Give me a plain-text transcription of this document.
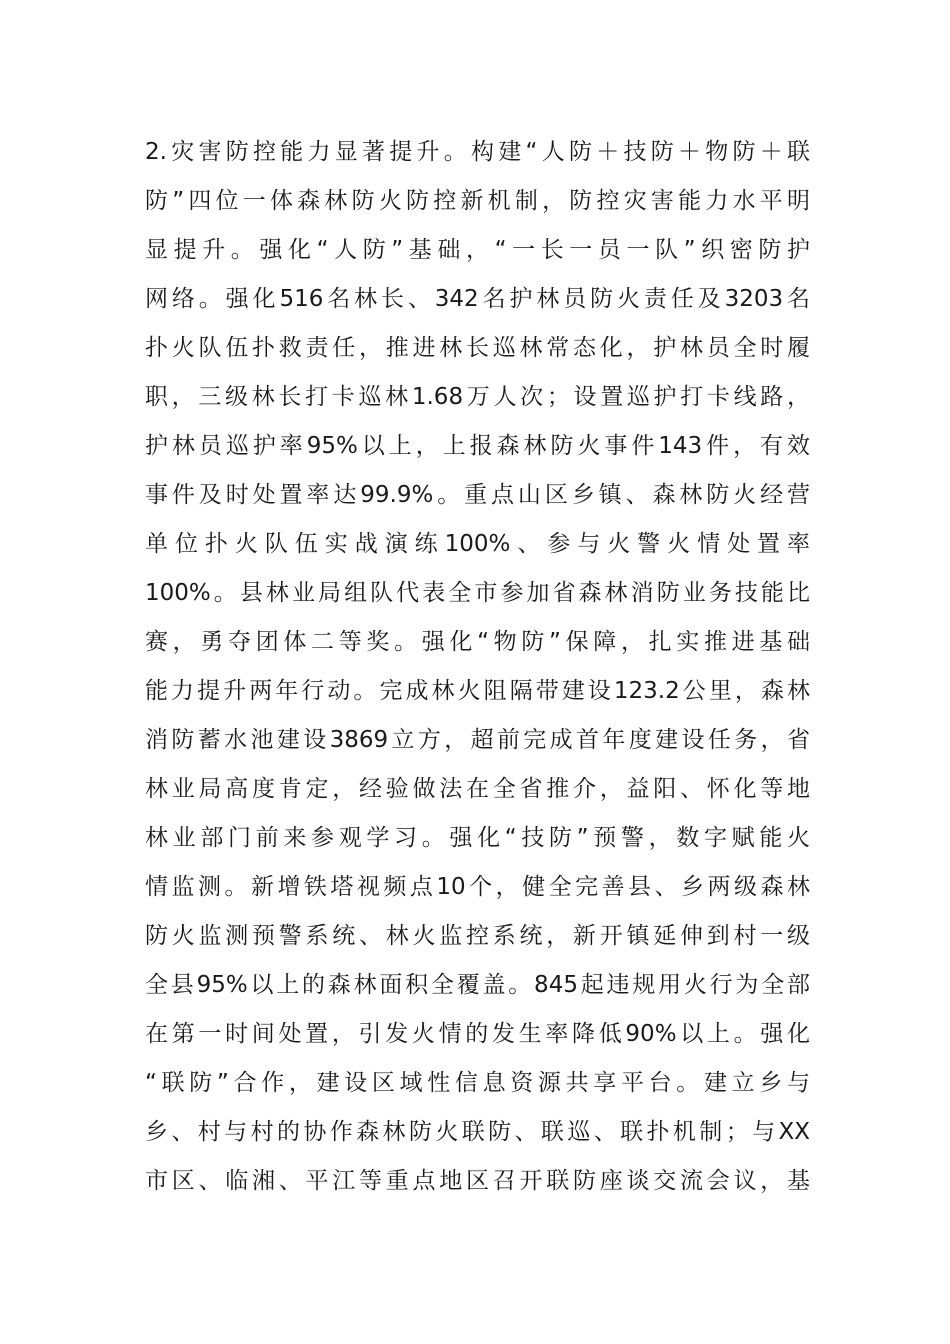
2.灾害防控能力显著提升。构建“人防＋技防＋物防＋联
防”四位一体森林防火防控新机制，防控灾害能力水平明
显提升。强化“人防”基础，“一长一员一队”织密防护
网络。强化516名林长、342名护林员防火责任及3203名
扑火队伍扑救责任，推进林长巡林常态化，护林员全时履
职，三级林长打卡巡林1.68万人次；设置巡护打卡线路，
护林员巡护率95%以上，上报森林防火事件143件，有效
事件及时处置率达99.9%。重点山区乡镇、森林防火经营
单位扑火队伍实战演练100%、参与火警火情处置率
100%。县林业局组队代表全市参加省森林消防业务技能比
赛，勇夺团体二等奖。强化“物防”保障，扎实推进基础
能力提升两年行动。完成林火阻隔带建设123.2公里，森林
消防蓄水池建设3869立方，超前完成首年度建设任务，省
林业局高度肯定，经验做法在全省推介，益阳、怀化等地
林业部门前来参观学习。强化“技防”预警，数字赋能火
情监测。新增铁塔视频点10个，健全完善县、乡两级森林
防火监测预警系统、林火监控系统，新开镇延伸到村一级
全县95%以上的森林面积全覆盖。845起违规用火行为全部
在第一时间处置，引发火情的发生率降低90%以上。强化
“联防”合作，建设区域性信息资源共享平台。建立乡与
乡、村与村的协作森林防火联防、联巡、联扑机制；与XX
市区、临湘、平江等重点地区召开联防座谈交流会议，基
